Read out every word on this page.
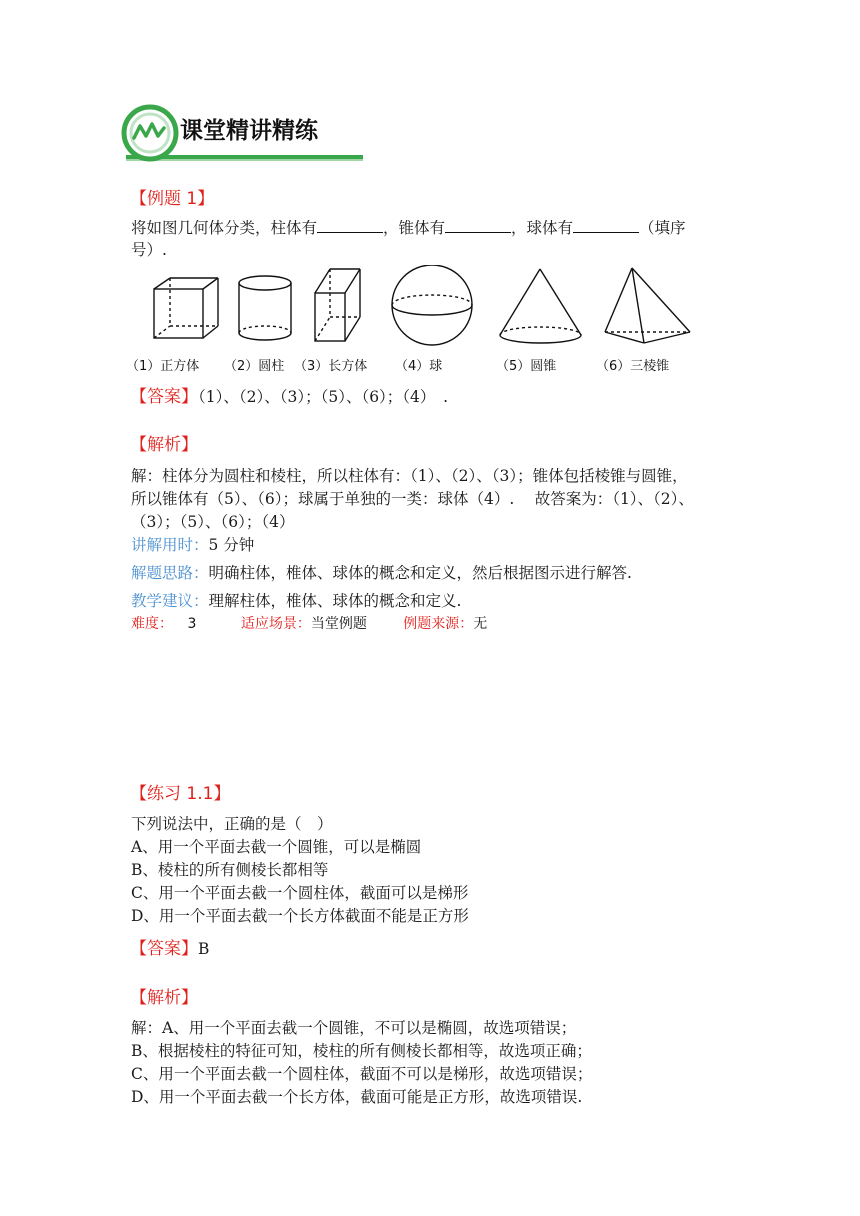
课堂精讲精练
【例题 1】
将如图几何体分类，柱体有	，锥体有	，球体有	（填序
号）.
（1）正方体 （2）圆柱 （3）长方体 （4）球	（5）圆锥	（6）三棱锥
【答案】（1）、（2）、（3）；（5）、（6）；（4）　.
【解析】
解：柱体分为圆柱和棱柱，所以柱体有：（1）、（2）、（3）；锥体包括棱锥与圆锥，
所以锥体有（5）、（6）；球属于单独的一类：球体（4）.　 故答案为：（1）、（2）、
（3）；（5）、（6）；（4）
讲解用时：5 分钟
解题思路：明确柱体，椎体、球体的概念和定义，然后根据图示进行解答.
教学建议：理解柱体，椎体、球体的概念和定义.
难度： 3	适应场景：当堂例题	例题来源：无
【练习 1.1】
下列说法中，正确的是（　）
A、用一个平面去截一个圆锥，可以是椭圆
B、棱柱的所有侧棱长都相等
C、用一个平面去截一个圆柱体，截面可以是梯形
D、用一个平面去截一个长方体截面不能是正方形
【答案】B
【解析】
解：A、用一个平面去截一个圆锥，不可以是椭圆，故选项错误；
B、根据棱柱的特征可知，棱柱的所有侧棱长都相等，故选项正确；
C、用一个平面去截一个圆柱体，截面不可以是梯形，故选项错误；
D、用一个平面去截一个长方体，截面可能是正方形，故选项错误.
